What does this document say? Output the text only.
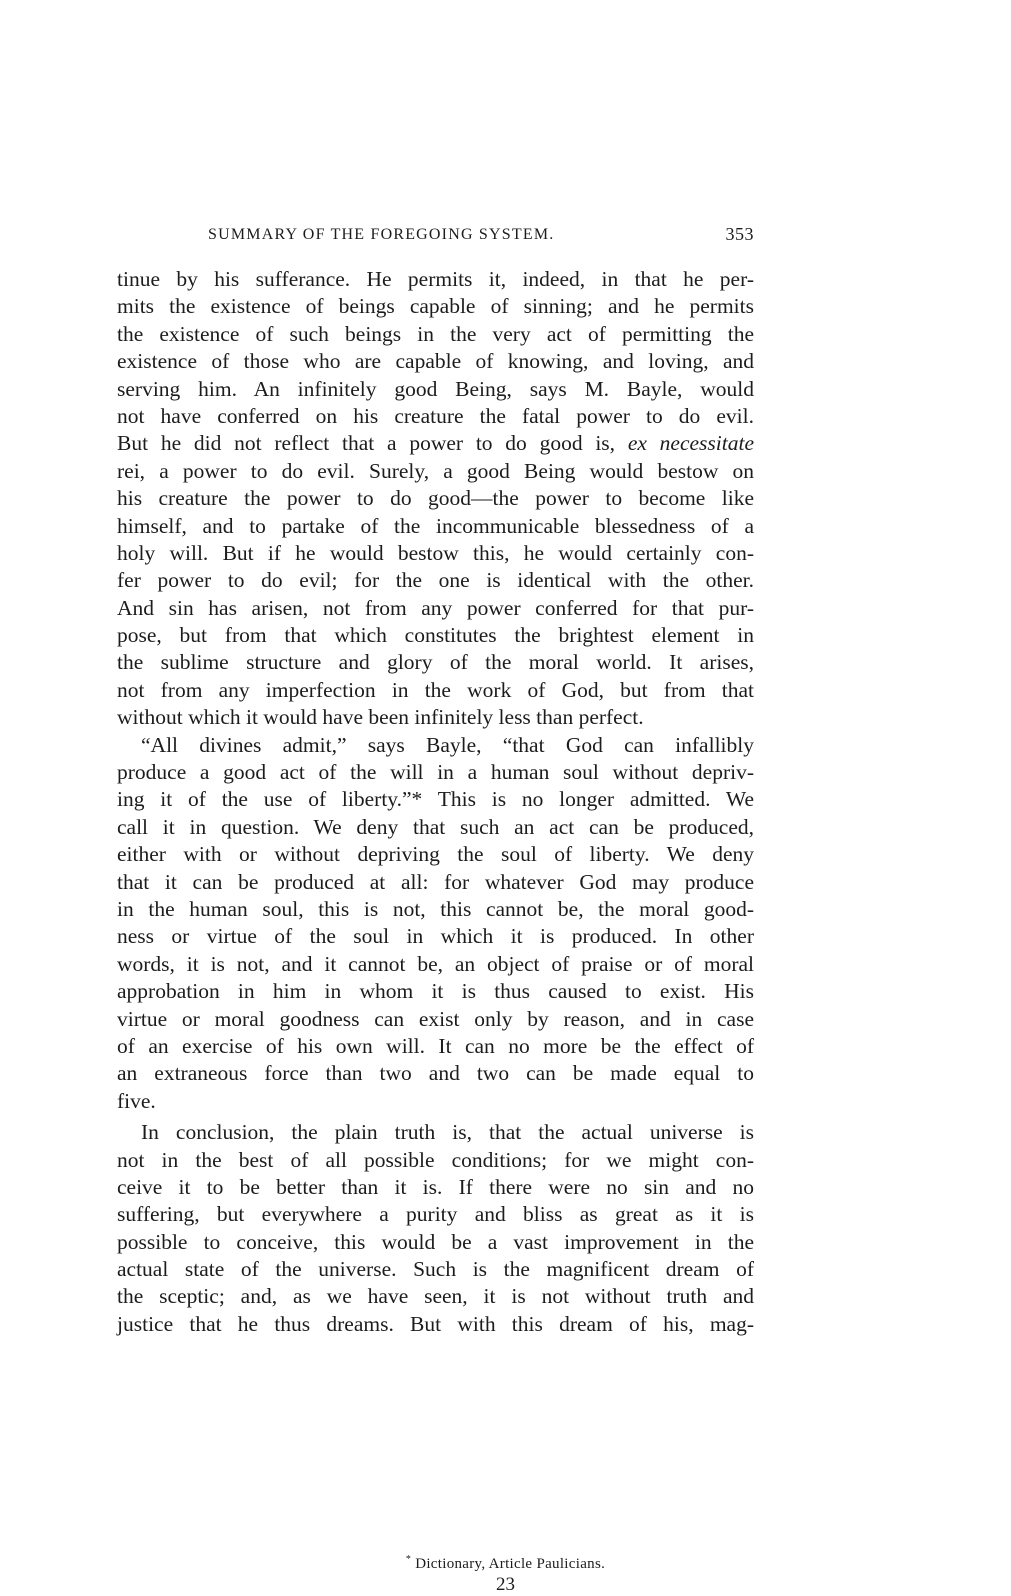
SUMMARY OF THE FOREGOING SYSTEM.	353
tinue by his sufferance. He permits it, indeed, in that he per-
mits the existence of beings capable of sinning; and he permits
the existence of such beings in the very act of permitting the
existence of those who are capable of knowing, and loving, and
serving him. An infinitely good Being, says M. Bayle, would
not have conferred on his creature the fatal power to do evil.
But he did not reflect that a power to do good is, ex necessitate
rei, a power to do evil. Surely, a good Being would bestow on
his creature the power to do good—the power to become like
himself, and to partake of the incommunicable blessedness of a
holy will. But if he would bestow this, he would certainly con-
fer power to do evil; for the one is identical with the other.
And sin has arisen, not from any power conferred for that pur-
pose, but from that which constitutes the brightest element in
the sublime structure and glory of the moral world. It arises,
not from any imperfection in the work of God, but from that
without which it would have been infinitely less than perfect.
“All divines admit,” says Bayle, “that God can infallibly
produce a good act of the will in a human soul without depriv-
ing it of the use of liberty.”* This is no longer admitted. We
call it in question. We deny that such an act can be produced,
either with or without depriving the soul of liberty. We deny
that it can be produced at all: for whatever God may produce
in the human soul, this is not, this cannot be, the moral good-
ness or virtue of the soul in which it is produced. In other
words, it is not, and it cannot be, an object of praise or of moral
approbation in him in whom it is thus caused to exist. His
virtue or moral goodness can exist only by reason, and in case
of an exercise of his own will. It can no more be the effect of
an extraneous force than two and two can be made equal to
five.
In conclusion, the plain truth is, that the actual universe is
not in the best of all possible conditions; for we might con-
ceive it to be better than it is. If there were no sin and no
suffering, but everywhere a purity and bliss as great as it is
possible to conceive, this would be a vast improvement in the
actual state of the universe. Such is the magnificent dream of
the sceptic; and, as we have seen, it is not without truth and
justice that he thus dreams. But with this dream of his, mag-
* Dictionary, Article Paulicians.
23
